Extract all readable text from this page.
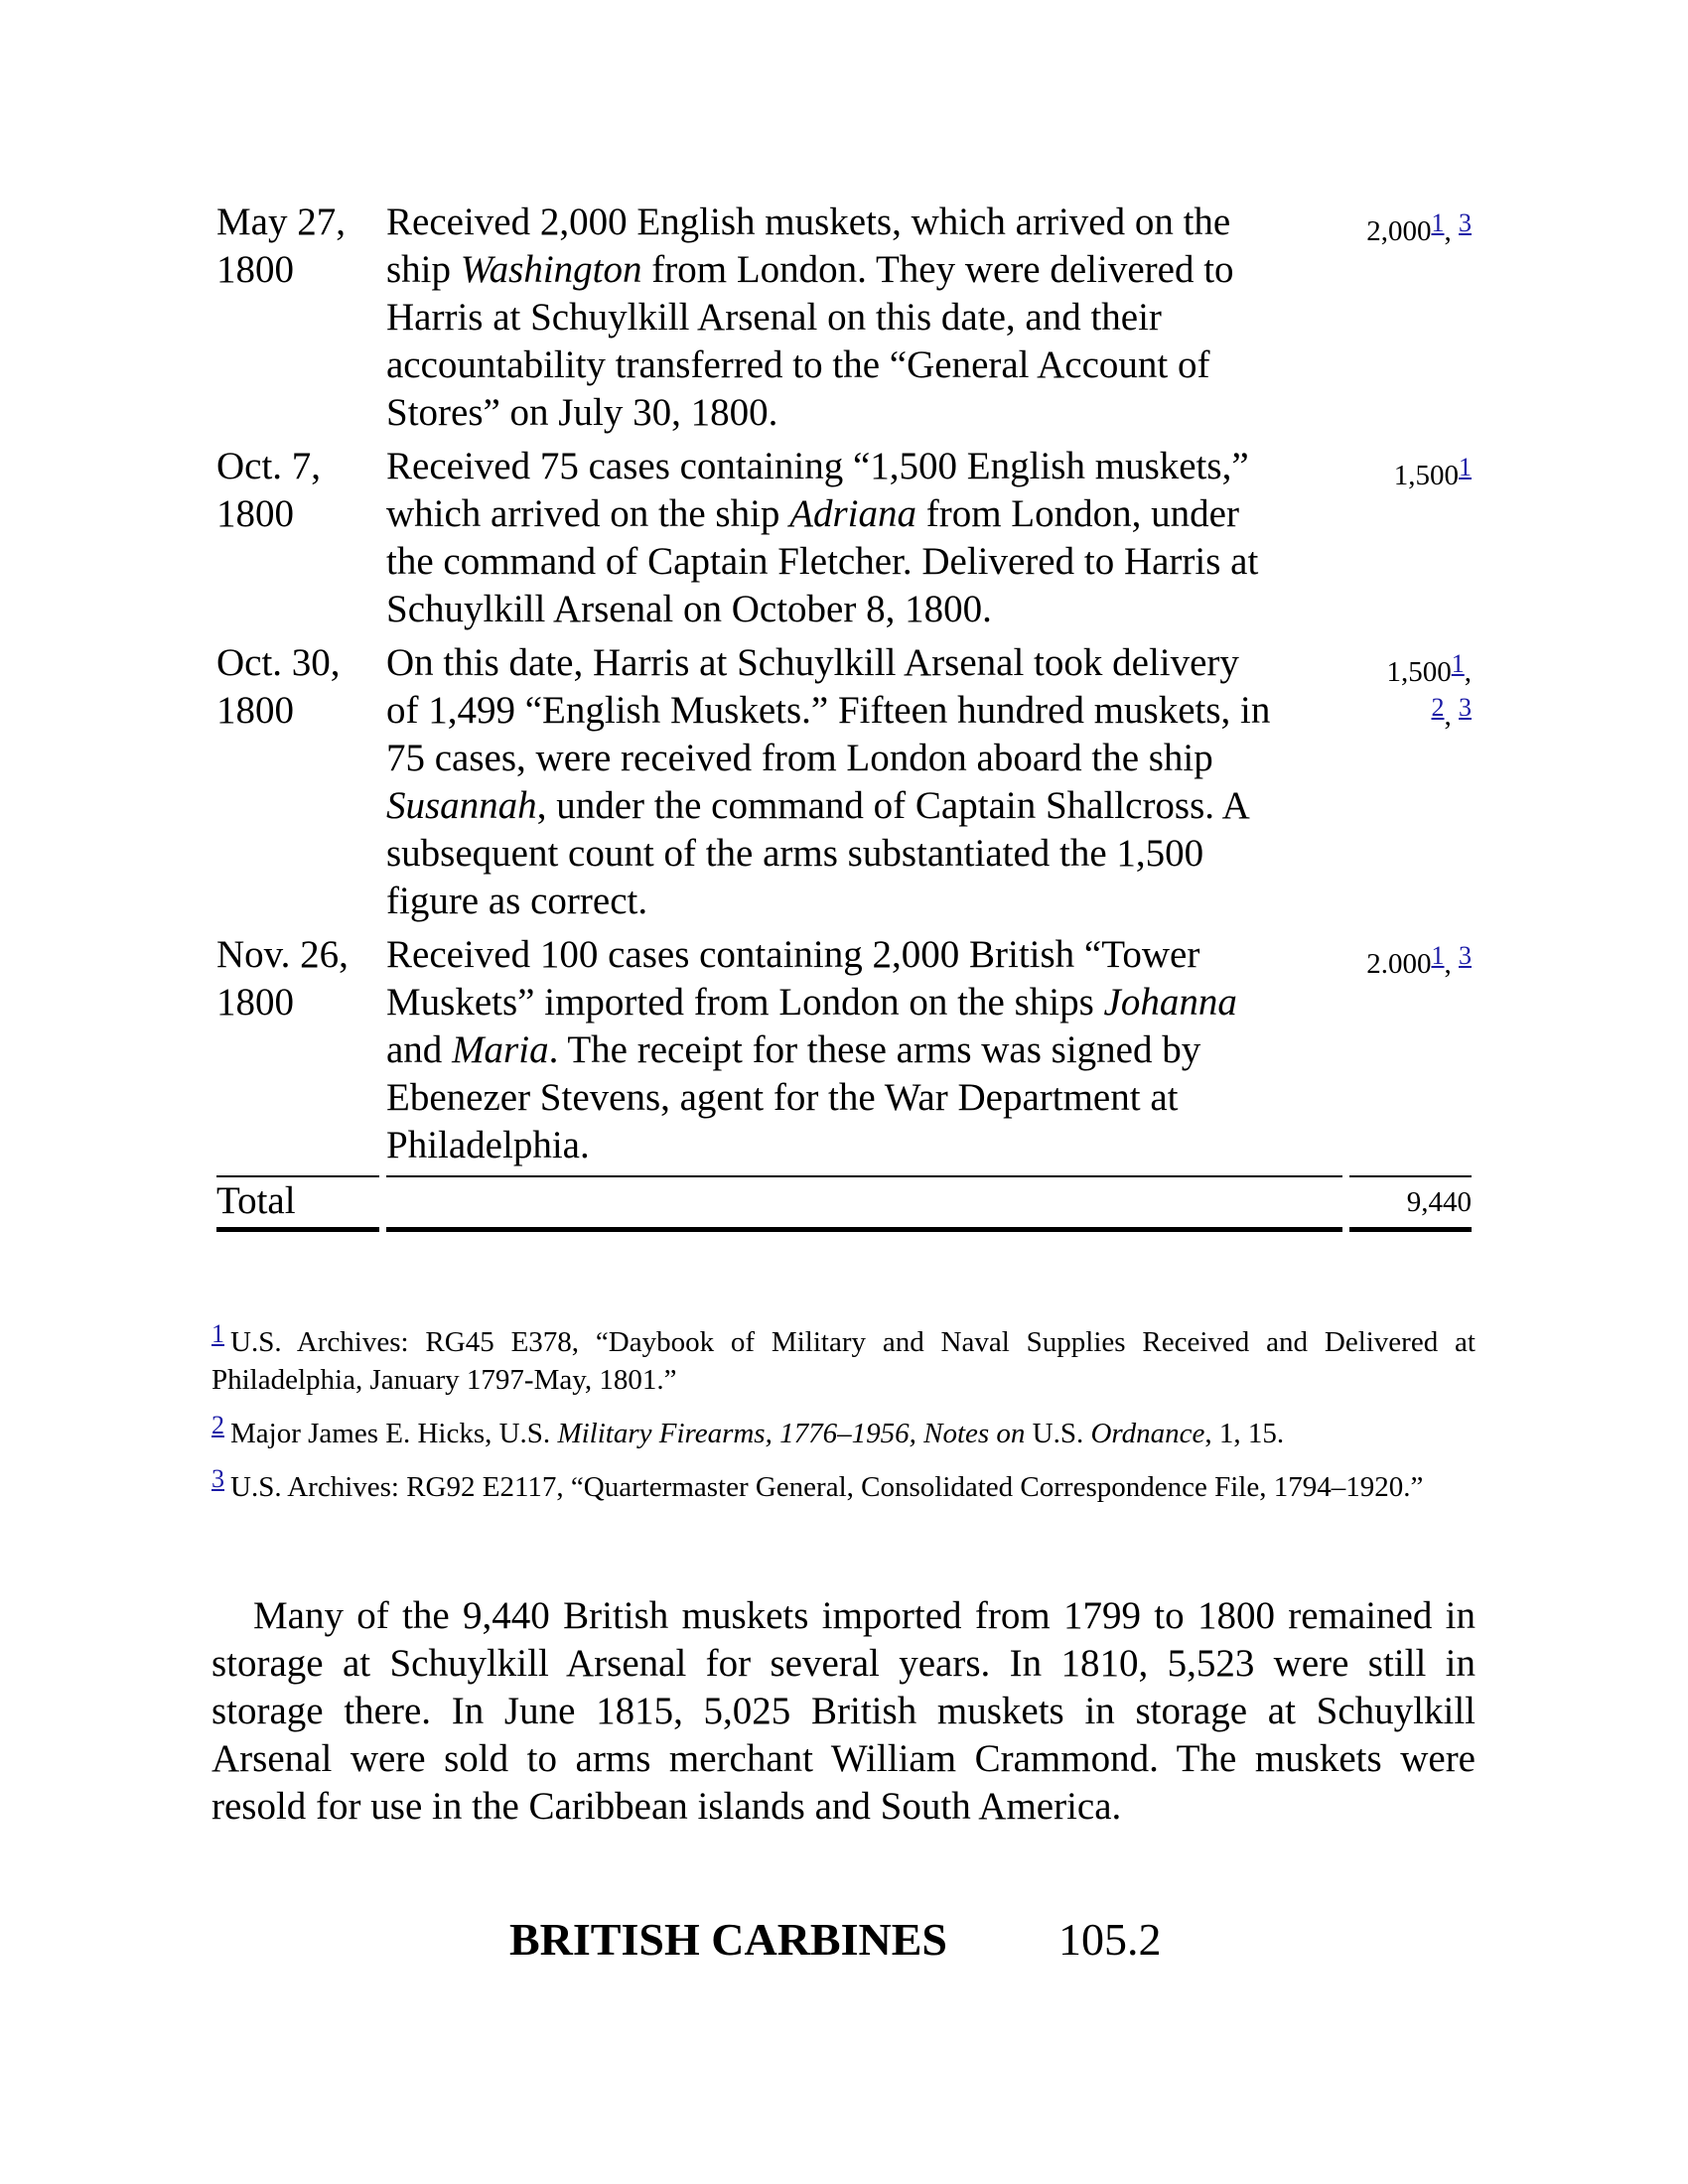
May 27,
1800
Received 2,000 English muskets, which arrived on the
ship Washington from London. They were delivered to
Harris at Schuylkill Arsenal on this date, and their
accountability transferred to the “General Account of
Stores” on July 30, 1800.
2,0001, 3
Oct. 7,
1800
Received 75 cases containing “1,500 English muskets,”
which arrived on the ship Adriana from London, under
the command of Captain Fletcher. Delivered to Harris at
Schuylkill Arsenal on October 8, 1800.
1,5001
Oct. 30,
1800
On this date, Harris at Schuylkill Arsenal took delivery
of 1,499 “English Muskets.” Fifteen hundred muskets, in
75 cases, were received from London aboard the ship
Susannah, under the command of Captain Shallcross. A
subsequent count of the arms substantiated the 1,500
figure as correct.
1,5001,
2, 3
Nov. 26,
1800
Received 100 cases containing 2,000 British “Tower
Muskets” imported from London on the ships Johanna
and Maria. The receipt for these arms was signed by
Ebenezer Stevens, agent for the War Department at
Philadelphia.
2.0001, 3
Total	9,440

1 U.S. Archives: RG45 E378, “Daybook of Military and Naval Supplies Received and Delivered at Philadelphia, January 1797-May, 1801.”

2 Major James E. Hicks, U.S. Military Firearms, 1776–1956, Notes on U.S. Ordnance, 1, 15.

3 U.S. Archives: RG92 E2117, “Quartermaster General, Consolidated Correspondence File, 1794–1920.”

Many of the 9,440 British muskets imported from 1799 to 1800 remained in storage at Schuylkill Arsenal for several years. In 1810, 5,523 were still in storage there. In June 1815, 5,025 British muskets in storage at Schuylkill Arsenal were sold to arms merchant William Crammond. The muskets were resold for use in the Caribbean islands and South America.

BRITISH CARBINES 105.2
